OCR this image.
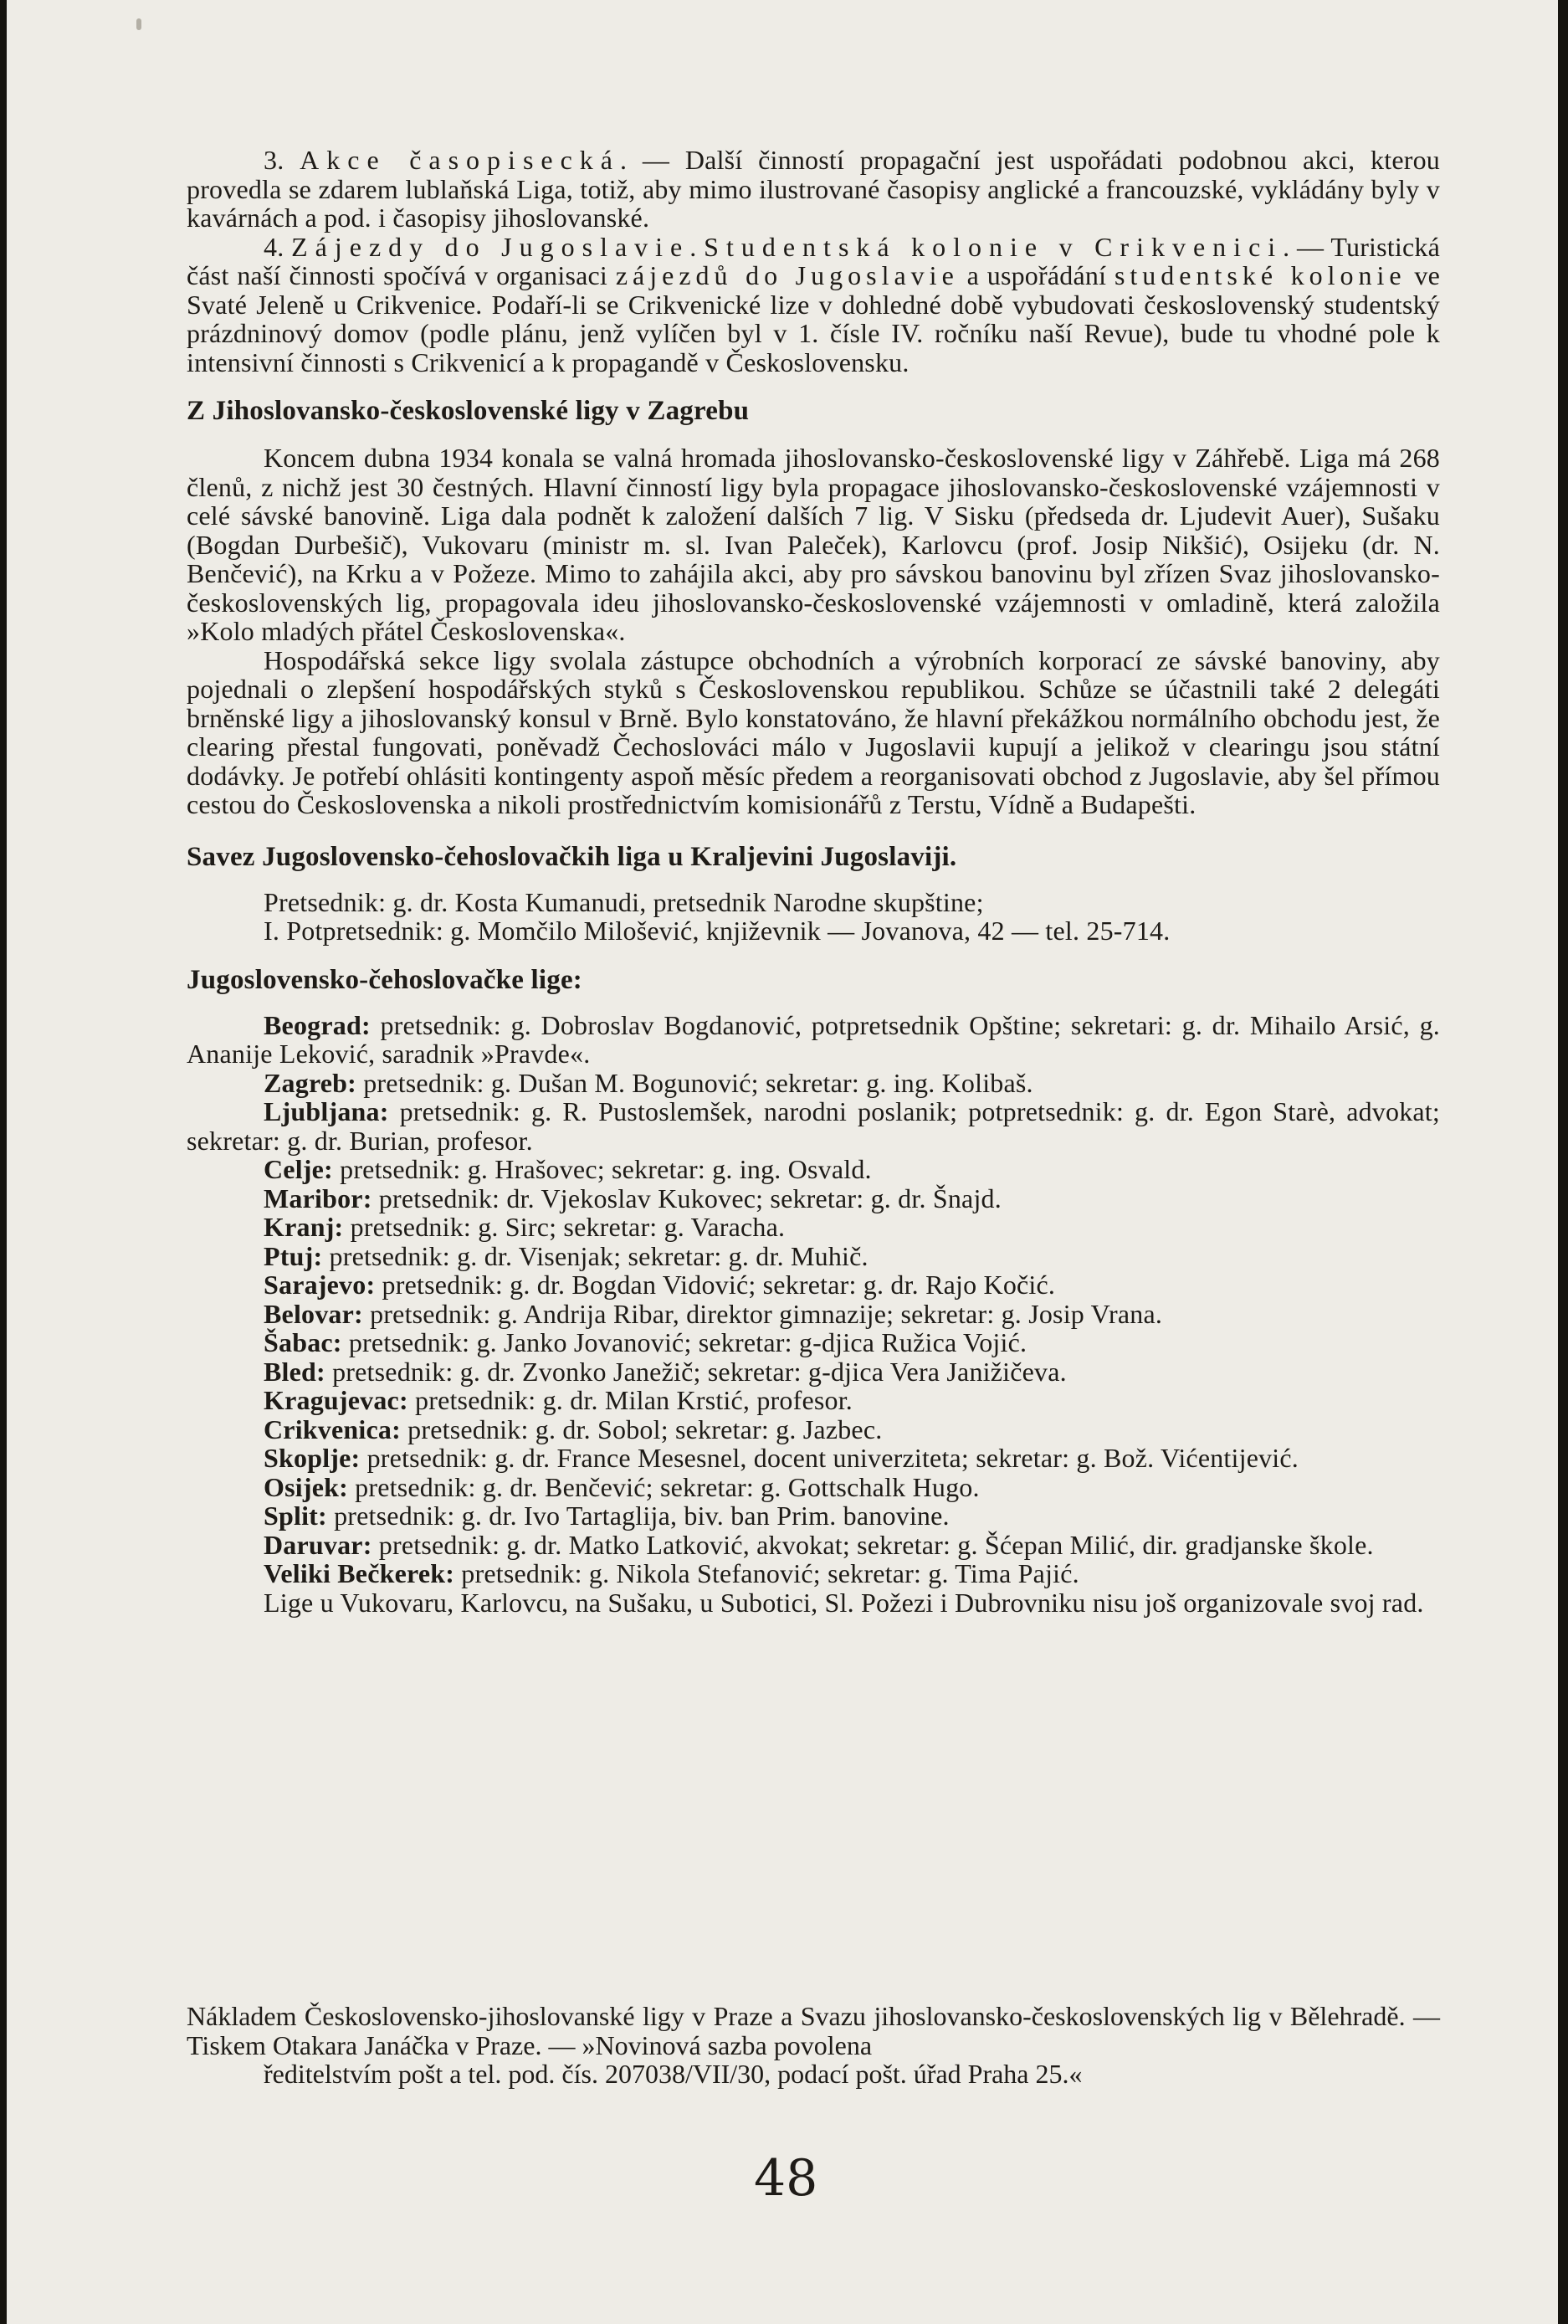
3. Akce časopisecká. — Další činností propagační jest uspořádati podobnou akci, kterou provedla se zdarem lublaňská Liga, totiž, aby mimo ilustrované časopisy anglické a francouzské, vykládány byly v kavárnách a pod. i časopisy jihoslovanské.

4. Zájezdy do Jugoslavie. Studentská kolonie v Crikvenici. — Turistická část naší činnosti spočívá v organisaci zájezdů do Jugoslavie a uspořádání studentské kolonie ve Svaté Jeleně u Crikvenice. Podaří-li se Crikvenické lize v dohledné době vybudovati československý studentský prázdninový domov (podle plánu, jenž vylíčen byl v 1. čísle IV. ročníku naší Revue), bude tu vhodné pole k intensivní činnosti s Crikvenicí a k propagandě v Československu.

Z Jihoslovansko-československé ligy v Zagrebu

Koncem dubna 1934 konala se valná hromada jihoslovansko-československé ligy v Záhřebě. Liga má 268 členů, z nichž jest 30 čestných. Hlavní činností ligy byla propagace jihoslovansko-československé vzájemnosti v celé sávské banovině. Liga dala podnět k založení dalších 7 lig. V Sisku (předseda dr. Ljudevit Auer), Sušaku (Bogdan Durbešič), Vukovaru (ministr m. sl. Ivan Paleček), Karlovcu (prof. Josip Nikšić), Osijeku (dr. N. Benčević), na Krku a v Požeze. Mimo to zahájila akci, aby pro sávskou banovinu byl zřízen Svaz jihoslovansko-československých lig, propagovala ideu jihoslovansko-československé vzájemnosti v omladině, která založila »Kolo mladých přátel Československa«.

Hospodářská sekce ligy svolala zástupce obchodních a výrobních korporací ze sávské banoviny, aby pojednali o zlepšení hospodářských styků s Československou republikou. Schůze se účastnili také 2 delegáti brněnské ligy a jihoslovanský konsul v Brně. Bylo konstatováno, že hlavní překážkou normálního obchodu jest, že clearing přestal fungovati, poněvadž Čechoslováci málo v Jugoslavii kupují a jelikož v clearingu jsou státní dodávky. Je potřebí ohlásiti kontingenty aspoň měsíc předem a reorganisovati obchod z Jugoslavie, aby šel přímou cestou do Československa a nikoli prostřednictvím komisionářů z Terstu, Vídně a Budapešti.

Savez Jugoslovensko-čehoslovačkih liga u Kraljevini Jugoslaviji.

Pretsednik: g. dr. Kosta Kumanudi, pretsednik Narodne skupštine;

I. Potpretsednik: g. Momčilo Milošević, književnik — Jovanova, 42 — tel. 25-714.

Jugoslovensko-čehoslovačke lige:

Beograd: pretsednik: g. Dobroslav Bogdanović, potpretsednik Opštine; sekretari: g. dr. Mihailo Arsić, g. Ananije Leković, saradnik »Pravde«.

Zagreb: pretsednik: g. Dušan M. Bogunović; sekretar: g. ing. Kolibaš.

Ljubljana: pretsednik: g. R. Pustoslemšek, narodni poslanik; potpretsednik: g. dr. Egon Starè, advokat; sekretar: g. dr. Burian, profesor.

Celje: pretsednik: g. Hrašovec; sekretar: g. ing. Osvald.

Maribor: pretsednik: dr. Vjekoslav Kukovec; sekretar: g. dr. Šnajd.

Kranj: pretsednik: g. Sirc; sekretar: g. Varacha.

Ptuj: pretsednik: g. dr. Visenjak; sekretar: g. dr. Muhič.

Sarajevo: pretsednik: g. dr. Bogdan Vidović; sekretar: g. dr. Rajo Kočić.

Belovar: pretsednik: g. Andrija Ribar, direktor gimnazije; sekretar: g. Josip Vrana.

Šabac: pretsednik: g. Janko Jovanović; sekretar: g-djica Ružica Vojić.

Bled: pretsednik: g. dr. Zvonko Janežič; sekretar: g-djica Vera Janižičeva.

Kragujevac: pretsednik: g. dr. Milan Krstić, profesor.

Crikvenica: pretsednik: g. dr. Sobol; sekretar: g. Jazbec.

Skoplje: pretsednik: g. dr. France Mesesnel, docent univerziteta; sekretar: g. Bož. Vićentijević.

Osijek: pretsednik: g. dr. Benčević; sekretar: g. Gottschalk Hugo.

Split: pretsednik: g. dr. Ivo Tartaglija, biv. ban Prim. banovine.

Daruvar: pretsednik: g. dr. Matko Latković, akvokat; sekretar: g. Šćepan Milić, dir. gradjanske škole.

Veliki Bečkerek: pretsednik: g. Nikola Stefanović; sekretar: g. Tima Pajić.

Lige u Vukovaru, Karlovcu, na Sušaku, u Subotici, Sl. Požezi i Dubrovniku nisu još organizovale svoj rad.

Nákladem Československo-jihoslovanské ligy v Praze a Svazu jihoslovansko-československých lig v Bělehradě. — Tiskem Otakara Janáčka v Praze. — »Novinová sazba povolena

ředitelstvím pošt a tel. pod. čís. 207038/VII/30, podací pošt. úřad Praha 25.«

48
